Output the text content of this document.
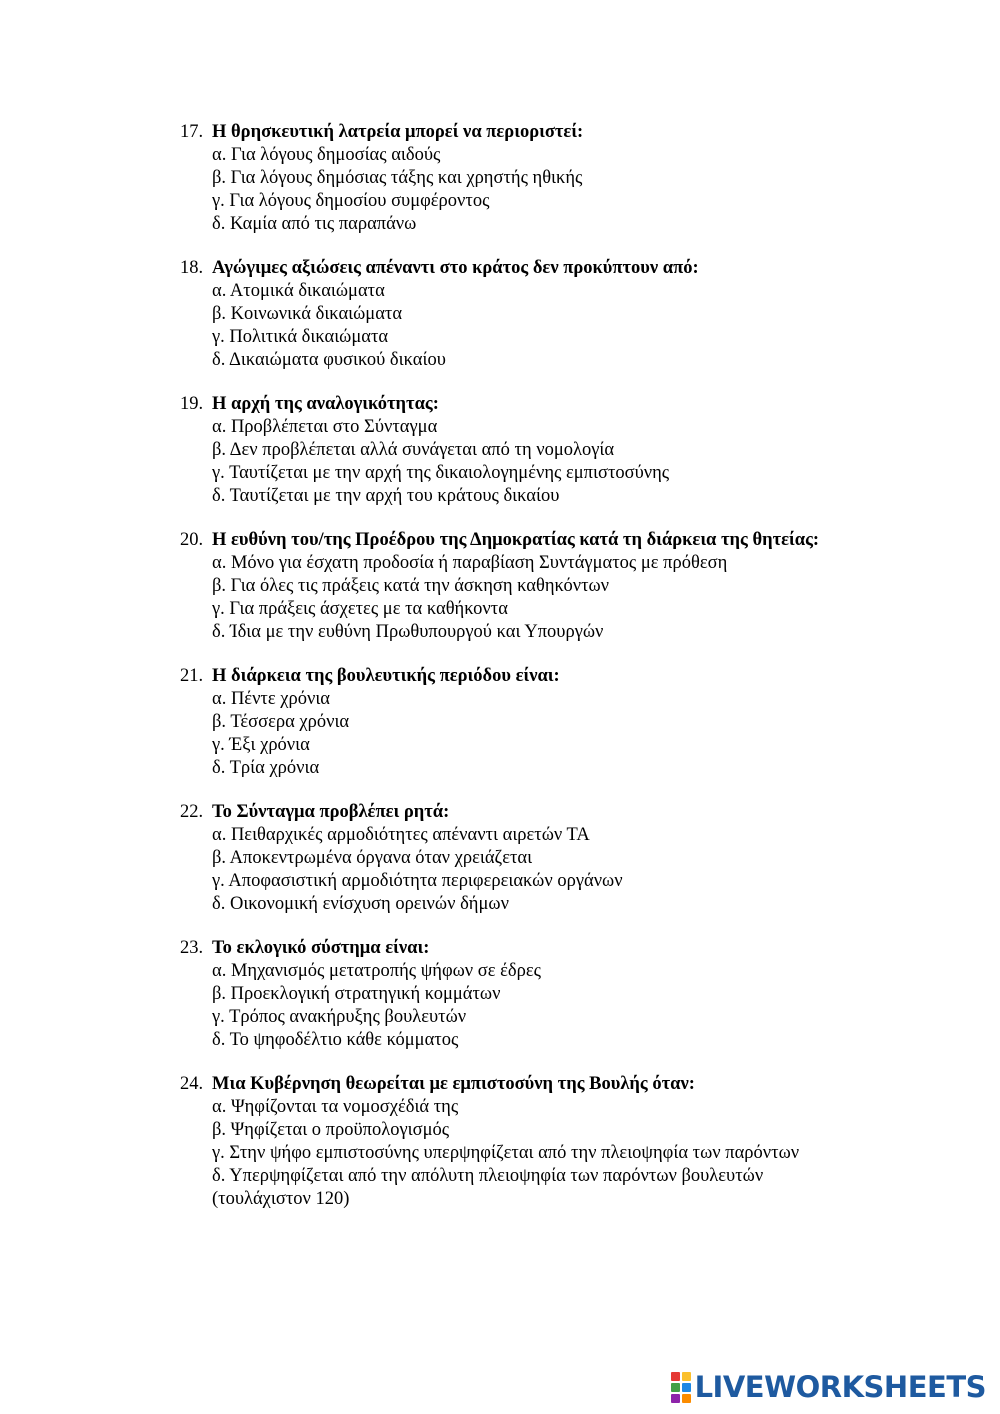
17. Η θρησκευτική λατρεία μπορεί να περιοριστεί:
α. Για λόγους δημοσίας αιδούς
β. Για λόγους δημόσιας τάξης και χρηστής ηθικής
γ. Για λόγους δημοσίου συμφέροντος
δ. Καμία από τις παραπάνω
18. Αγώγιμες αξιώσεις απέναντι στο κράτος δεν προκύπτουν από:
α. Ατομικά δικαιώματα
β. Κοινωνικά δικαιώματα
γ. Πολιτικά δικαιώματα
δ. Δικαιώματα φυσικού δικαίου
19. Η αρχή της αναλογικότητας:
α. Προβλέπεται στο Σύνταγμα
β. Δεν προβλέπεται αλλά συνάγεται από τη νομολογία
γ. Ταυτίζεται με την αρχή της δικαιολογημένης εμπιστοσύνης
δ. Ταυτίζεται με την αρχή του κράτους δικαίου
20. Η ευθύνη του/της Προέδρου της Δημοκρατίας κατά τη διάρκεια της θητείας:
α. Μόνο για έσχατη προδοσία ή παραβίαση Συντάγματος με πρόθεση
β. Για όλες τις πράξεις κατά την άσκηση καθηκόντων
γ. Για πράξεις άσχετες με τα καθήκοντα
δ. Ίδια με την ευθύνη Πρωθυπουργού και Υπουργών
21. Η διάρκεια της βουλευτικής περιόδου είναι:
α. Πέντε χρόνια
β. Τέσσερα χρόνια
γ. Έξι χρόνια
δ. Τρία χρόνια
22. Το Σύνταγμα προβλέπει ρητά:
α. Πειθαρχικές αρμοδιότητες απέναντι αιρετών ΤΑ
β. Αποκεντρωμένα όργανα όταν χρειάζεται
γ. Αποφασιστική αρμοδιότητα περιφερειακών οργάνων
δ. Οικονομική ενίσχυση ορεινών δήμων
23. Το εκλογικό σύστημα είναι:
α. Μηχανισμός μετατροπής ψήφων σε έδρες
β. Προεκλογική στρατηγική κομμάτων
γ. Τρόπος ανακήρυξης βουλευτών
δ. Το ψηφοδέλτιο κάθε κόμματος
24. Μια Κυβέρνηση θεωρείται με εμπιστοσύνη της Βουλής όταν:
α. Ψηφίζονται τα νομοσχέδιά της
β. Ψηφίζεται ο προϋπολογισμός
γ. Στην ψήφο εμπιστοσύνης υπερψηφίζεται από την πλειοψηφία των παρόντων
δ. Υπερψηφίζεται από την απόλυτη πλειοψηφία των παρόντων βουλευτών (τουλάχιστον 120)
LIVEWORKSHEETS
